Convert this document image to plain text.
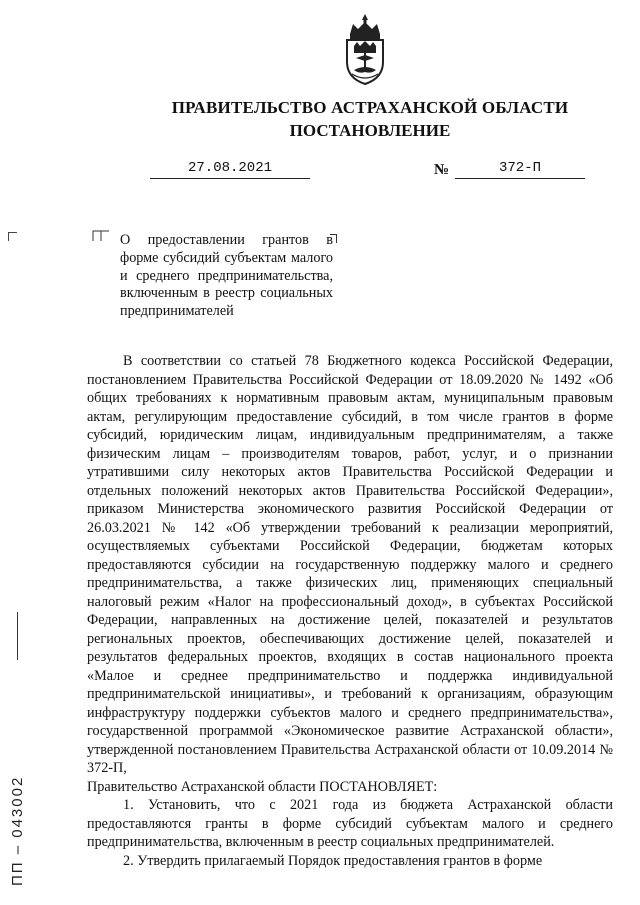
ПРАВИТЕЛЬСТВО АСТРАХАНСКОЙ ОБЛАСТИ
ПОСТАНОВЛЕНИЕ
27.08.2021	№	372-П
О предоставлении грантов в форме субсидий субъектам малого и среднего предпринимательства, включенным в реестр социальных предпринимателей

В соответствии со статьей 78 Бюджетного кодекса Российской Федерации, постановлением Правительства Российской Федерации от 18.09.2020 № 1492 «Об общих требованиях к нормативным правовым актам, муниципальным правовым актам, регулирующим предоставление субсидий, в том числе грантов в форме субсидий, юридическим лицам, индивидуальным предпринимателям, а также физическим лицам – производителям товаров, работ, услуг, и о признании утратившими силу некоторых актов Правительства Российской Федерации и отдельных положений некоторых актов Правительства Российской Федерации», приказом Министерства экономического развития Российской Федерации от 26.03.2021 № 142 «Об утверждении требований к реализации мероприятий, осуществляемых субъектами Российской Федерации, бюджетам которых предоставляются субсидии на государственную поддержку малого и среднего предпринимательства, а также физических лиц, применяющих специальный налоговый режим «Налог на профессиональный доход», в субъектах Российской Федерации, направленных на достижение целей, показателей и результатов региональных проектов, обеспечивающих достижение целей, показателей и результатов федеральных проектов, входящих в состав национального проекта «Малое и среднее предпринимательство и поддержка индивидуальной предпринимательской инициативы», и требований к организациям, образующим инфраструктуру поддержки субъектов малого и среднего предпринимательства», государственной программой «Экономическое развитие Астраханской области», утвержденной постановлением Правительства Астраханской области от 10.09.2014 № 372-П,

Правительство Астраханской области ПОСТАНОВЛЯЕТ:

1. Установить, что с 2021 года из бюджета Астраханской области предоставляются гранты в форме субсидий субъектам малого и среднего предпринимательства, включенным в реестр социальных предпринимателей.

2. Утвердить прилагаемый Порядок предоставления грантов в форме

ПП – 043002
